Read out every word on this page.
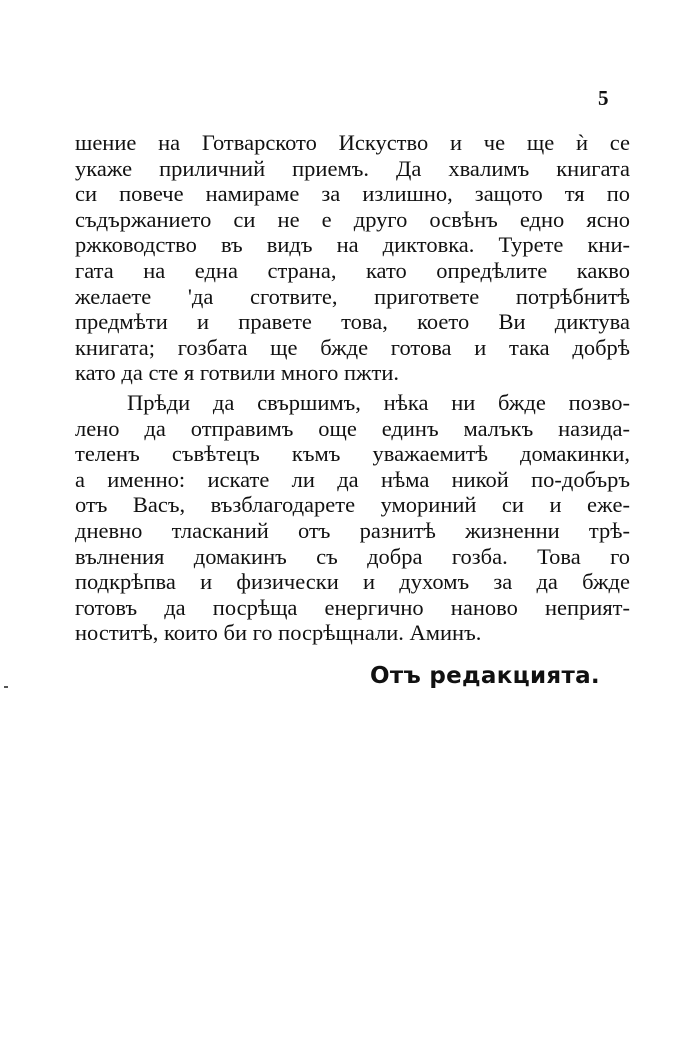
5
шение на Готварското Искуство и че ще ѝ се
укаже приличний приемъ. Да хвалимъ книгата
си повече намираме за излишно, защото тя по
съдържанието си не е друго освѣнъ едно ясно
ржководство въ видъ на диктовка. Турете кни-
гата на една страна, като опредѣлите какво
желаете 'да сготвите, пригответе потрѣбнитѣ
предмѣти и правете това, което Ви диктува
книгата; гозбата ще бжде готова и така добрѣ
като да сте я готвили много пжти.
Прѣди да свършимъ, нѣка ни бжде позво-
лено да отправимъ още единъ малъкъ назида-
теленъ съвѣтецъ къмъ уважаемитѣ домакинки,
а именно: искате ли да нѣма никой по-добъръ
отъ Васъ, възблагодарете умориний си и ежe-
дневно тласканий отъ разнитѣ жизненни трѣ-
вълнения домакинъ съ добра гозба. Това го
подкрѣпва и физически и духомъ за да бжде
готовъ да посрѣща енергично наново неприят-
ноститѣ, които би го посрѣщнали. Аминъ.
Отъ редакцията.
